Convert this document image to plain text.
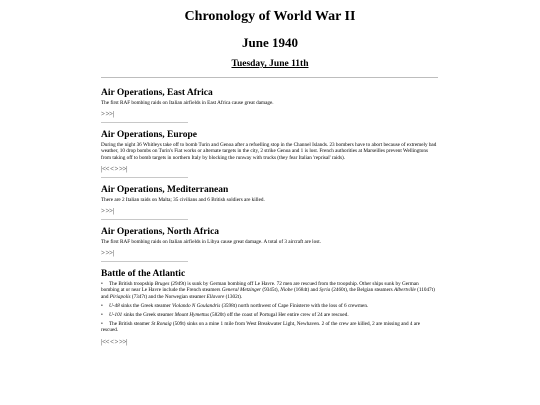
Chronology of World War II
June 1940
Tuesday, June 11th
Air Operations, East Africa

The first RAF bombing raids on Italian airfields in East Africa cause great damage.

> >>|
Air Operations, Europe

During the night 36 Whitleys take off to bomb Turin and Genoa after a refuelling stop in the Channel Islands. 23 bombers have to abort because of extremely bad weather, 10 drop bombs on Turin's Fiat works or alternate targets in the city, 2 strike Genoa and 1 is lost. French authorities at Marseilles prevent Wellingtons from taking off to bomb targets in northern Italy by blocking the runway with trucks (they fear Italian 'reprisal' raids).

|<< < > >>|
Air Operations, Mediterranean

There are 2 Italian raids on Malta; 35 civilians and 6 British soldiers are killed.

> >>|
Air Operations, North Africa

The first RAF bombing raids on Italian airfields in Libya cause great damage. A total of 3 aircraft are lost.

> >>|
Battle of the Atlantic
• The British troopship Bruges (2949t) is sunk by German bombing off Le Havre. 72 men are rescued from the troopship. Other ships sunk by German bombing at or near Le Havre include the French steamers General Metzinger (9345t), Niobe (1684t) and Syria (2460t), the Belgian steamers Albertville (11047t) and Piriapolis (7347t) and the Norwegian steamer Ellavore (1302t).
• U-48 sinks the Greek steamer Violando N Goulandris (3598t) north northwest of Cape Finisterre with the loss of 6 crewmen.
• U-101 sinks the Greek steamer Mount Hymettus (5820t) off the coast of Portugal Her entire crew of 24 are rescued.
• The British steamer St Ronaig (509t) sinks on a mine 1 mile from West Breakwater Light, Newhaven. 2 of the crew are killed, 2 are missing and 4 are rescued.
|<< < > >>|
